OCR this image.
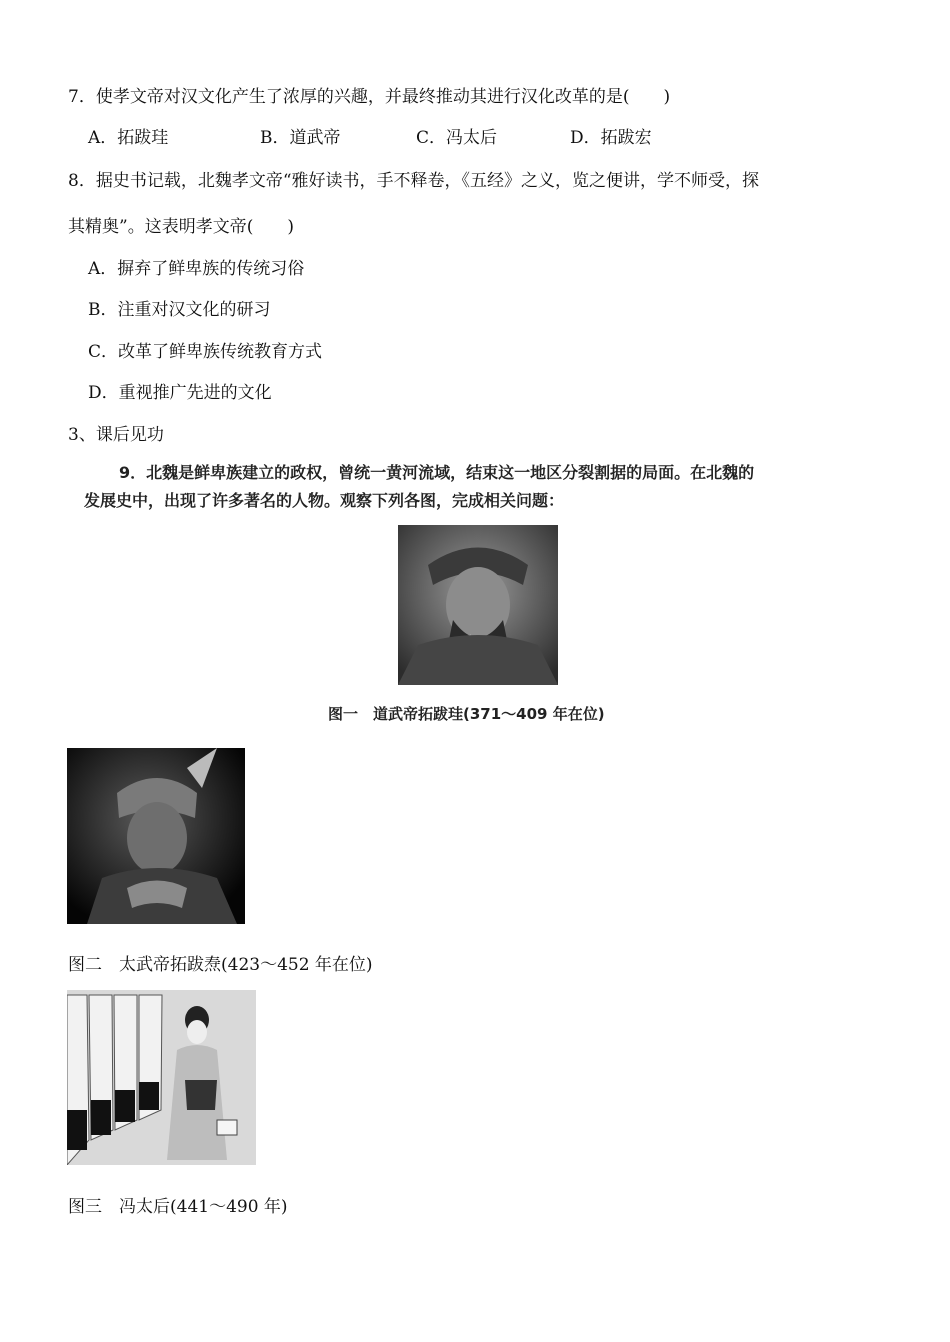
7．使孝文帝对汉文化产生了浓厚的兴趣，并最终推动其进行汉化改革的是(　　)
A．拓跋珪	B．道武帝	C．冯太后	D．拓跋宏
8．据史书记载，北魏孝文帝“雅好读书，手不释卷，《五经》之义，览之便讲，学不师受，探
其精奥”。这表明孝文帝(　　)
A．摒弃了鲜卑族的传统习俗
B．注重对汉文化的研习
C．改革了鲜卑族传统教育方式
D．重视推广先进的文化
3、课后见功
9．北魏是鲜卑族建立的政权，曾统一黄河流域，结束这一地区分裂割据的局面。在北魏的
发展史中，出现了许多著名的人物。观察下列各图，完成相关问题：
图一　道武帝拓跋珪(371～409 年在位)
图二　太武帝拓跋焘(423～452 年在位)
图三　冯太后(441～490 年)
